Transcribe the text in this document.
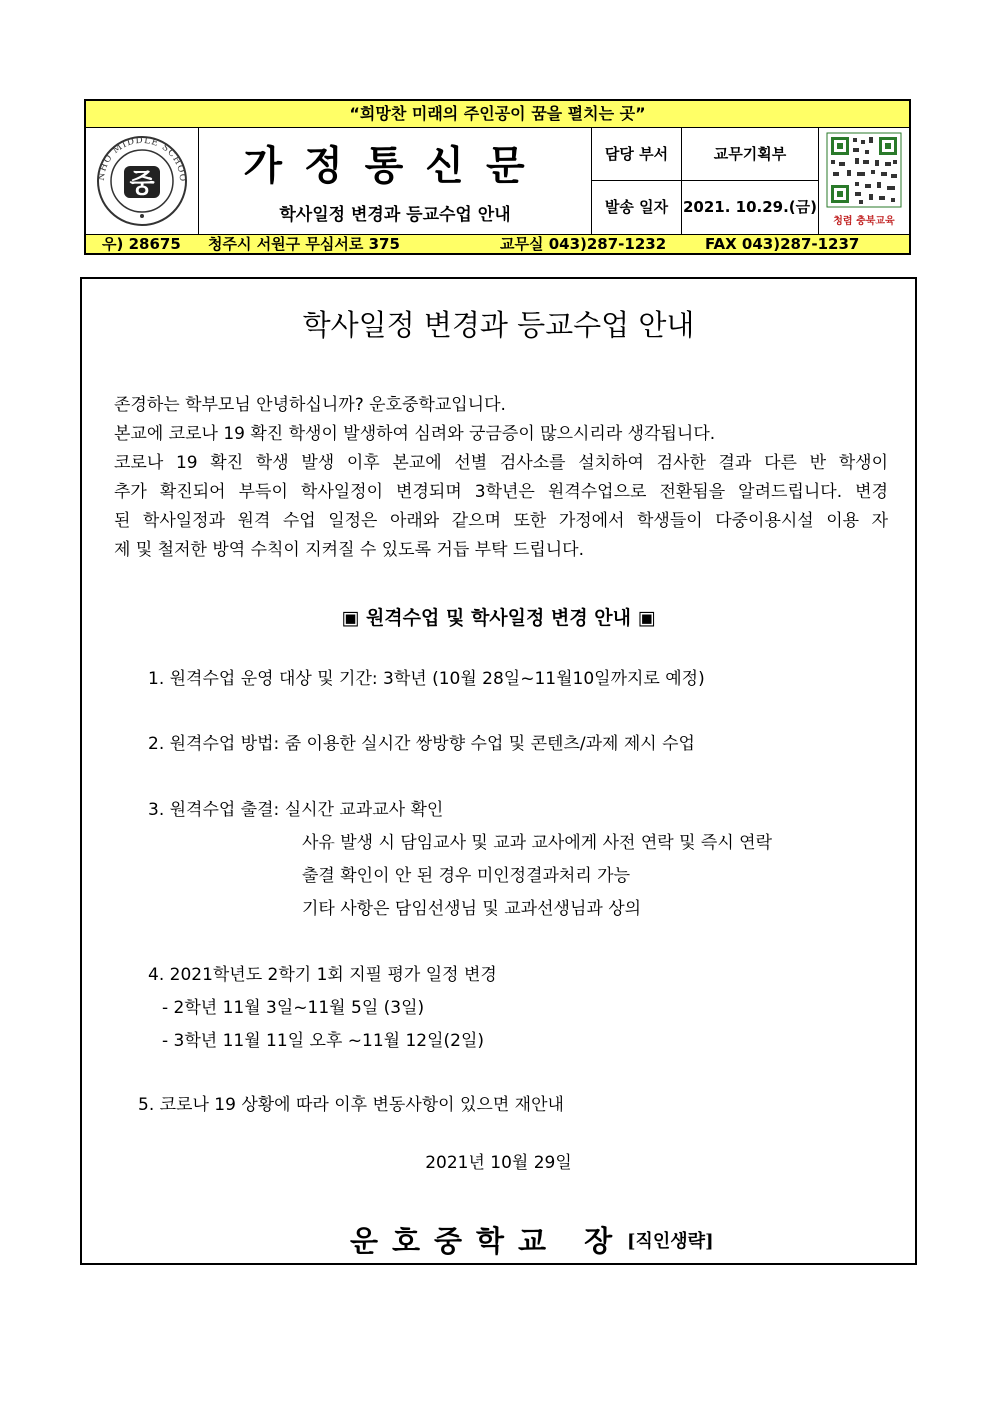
“희망찬 미래의 주인공이 꿈을 펼치는 곳”
NHO MIDDLE SCHOO
중	가정통신문
학사일정 변경과 등교수업 안내
담당 부서	교무기획부
발송 일자 2021. 10.29.(금)
청렴 충북교육
우) 28675 청주시 서원구 무심서로 375	교무실 043)287-1232	FAX 043)287-1237
학사일정 변경과 등교수업 안내
존경하는 학부모님 안녕하십니까? 운호중학교입니다.
본교에 코로나 19 확진 학생이 발생하여 심려와 궁금증이 많으시리라 생각됩니다.
코로나 19 확진 학생 발생 이후 본교에 선별 검사소를 설치하여 검사한 결과 다른 반 학생이
추가 확진되어 부득이 학사일정이 변경되며 3학년은 원격수업으로 전환됨을 알려드립니다. 변경
된 학사일정과 원격 수업 일정은 아래와 같으며 또한 가정에서 학생들이 다중이용시설 이용 자
제 및 철저한 방역 수칙이 지켜질 수 있도록 거듭 부탁 드립니다.
▣ 원격수업 및 학사일정 변경 안내 ▣
1. 원격수업 운영 대상 및 기간: 3학년 (10월 28일~11월10일까지로 예정)
2. 원격수업 방법: 줌 이용한 실시간 쌍방향 수업 및 콘텐츠/과제 제시 수업
3. 원격수업 출결: 실시간 교과교사 확인
사유 발생 시 담임교사 및 교과 교사에게 사전 연락 및 즉시 연락
출결 확인이 안 된 경우 미인정결과처리 가능
기타 사항은 담임선생님 및 교과선생님과 상의
4. 2021학년도 2학기 1회 지필 평가 일정 변경
- 2학년 11월 3일~11월 5일 (3일)
- 3학년 11월 11일 오후 ~11월 12일(2일)
5. 코로나 19 상황에 따라 이후 변동사항이 있으면 재안내
2021년 10월 29일
운호중학교 장 [직인생략]
